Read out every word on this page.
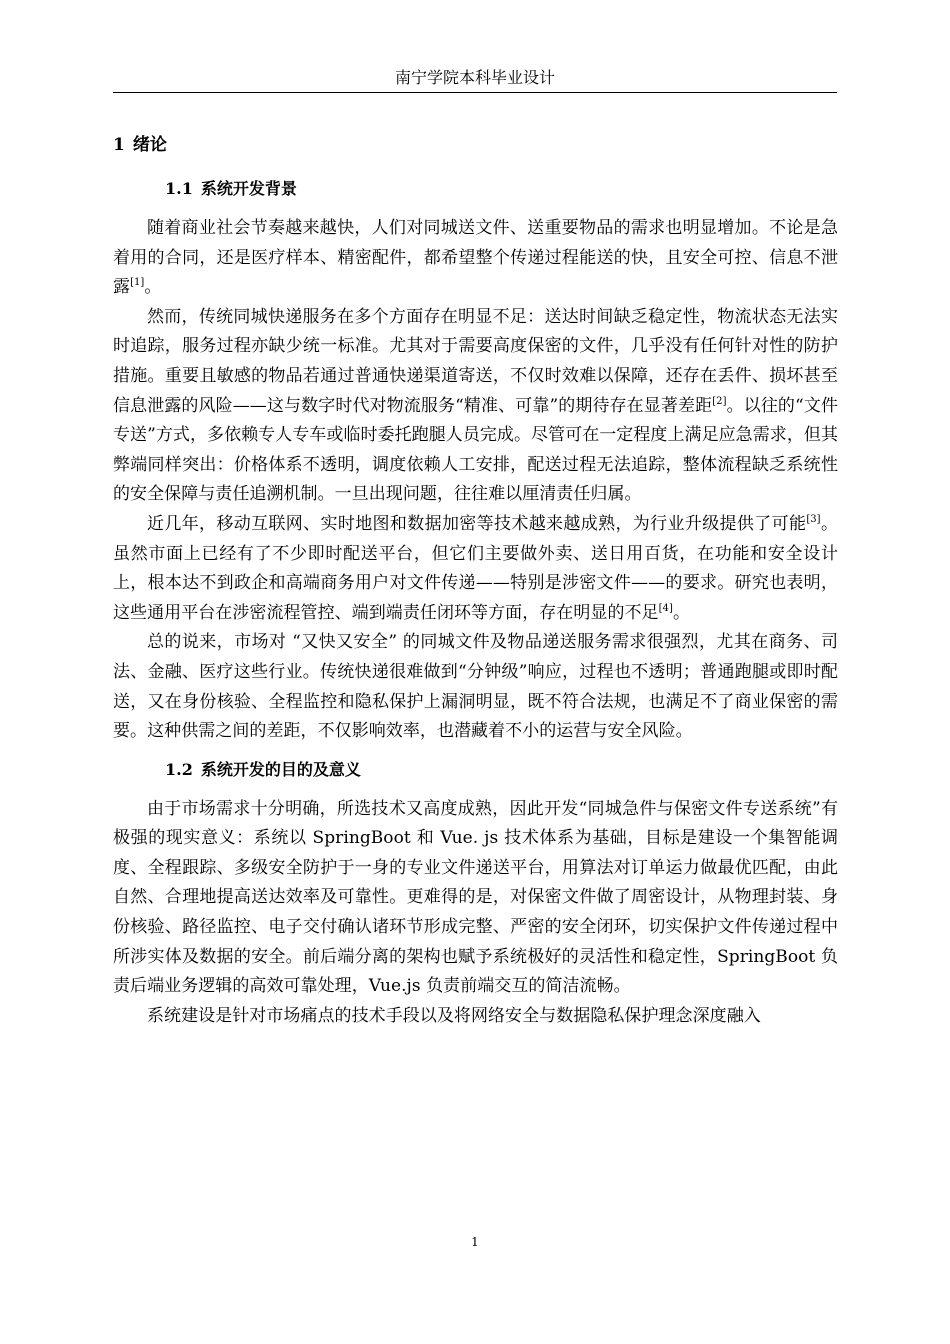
南宁学院本科毕业设计
1 绪论
1.1 系统开发背景

随着商业社会节奏越来越快，人们对同城送文件、送重要物品的需求也明显增加。不论是急着用的合同，还是医疗样本、精密配件，都希望整个传递过程能送的快，且安全可控、信息不泄露[1]。

然而，传统同城快递服务在多个方面存在明显不足：送达时间缺乏稳定性，物流状态无法实时追踪，服务过程亦缺少统一标准。尤其对于需要高度保密的文件，几乎没有任何针对性的防护措施。重要且敏感的物品若通过普通快递渠道寄送，不仅时效难以保障，还存在丢件、损坏甚至信息泄露的风险——这与数字时代对物流服务“精准、可靠”的期待存在显著差距[2]。以往的“文件专送”方式，多依赖专人专车或临时委托跑腿人员完成。尽管可在一定程度上满足应急需求，但其弊端同样突出：价格体系不透明，调度依赖人工安排，配送过程无法追踪，整体流程缺乏系统性的安全保障与责任追溯机制。一旦出现问题，往往难以厘清责任归属。

近几年，移动互联网、实时地图和数据加密等技术越来越成熟，为行业升级提供了可能[3]。虽然市面上已经有了不少即时配送平台，但它们主要做外卖、送日用百货，在功能和安全设计上，根本达不到政企和高端商务用户对文件传递——特别是涉密文件——的要求。研究也表明，这些通用平台在涉密流程管控、端到端责任闭环等方面，存在明显的不足[4]。

总的说来，市场对 “又快又安全” 的同城文件及物品递送服务需求很强烈，尤其在商务、司法、金融、医疗这些行业。传统快递很难做到“分钟级”响应，过程也不透明；普通跑腿或即时配送，又在身份核验、全程监控和隐私保护上漏洞明显，既不符合法规，也满足不了商业保密的需要。这种供需之间的差距，不仅影响效率，也潜藏着不小的运营与安全风险。

1.2 系统开发的目的及意义

由于市场需求十分明确，所选技术又高度成熟，因此开发“同城急件与保密文件专送系统”有极强的现实意义：系统以 SpringBoot 和 Vue. js 技术体系为基础，目标是建设一个集智能调度、全程跟踪、多级安全防护于一身的专业文件递送平台，用算法对订单运力做最优匹配，由此自然、合理地提高送达效率及可靠性。更难得的是，对保密文件做了周密设计，从物理封装、身份核验、路径监控、电子交付确认诸环节形成完整、严密的安全闭环，切实保护文件传递过程中所涉实体及数据的安全。前后端分离的架构也赋予系统极好的灵活性和稳定性，SpringBoot 负责后端业务逻辑的高效可靠处理，Vue.js 负责前端交互的简洁流畅。

系统建设是针对市场痛点的技术手段以及将网络安全与数据隐私保护理念深度融入

1
